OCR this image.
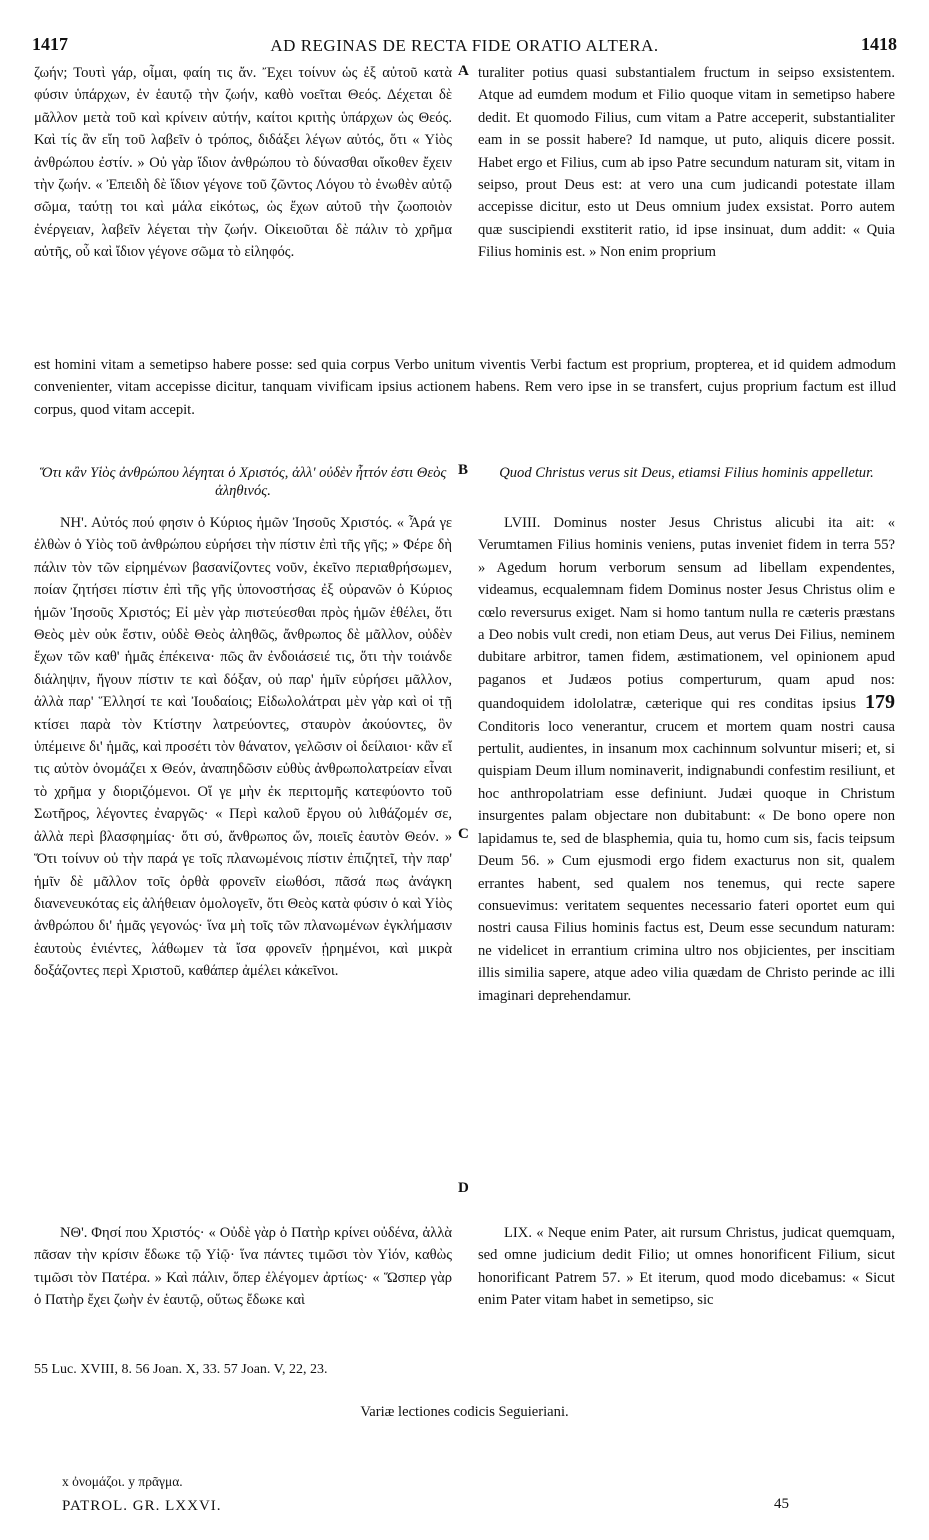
1417	AD REGINAS DE RECTA FIDE ORATIO ALTERA.	1418

ζωήν; Τουτὶ γάρ, οἶμαι, φαίη τις ἄν. Ἔχει τοίνυν ὡς ἐξ αὐτοῦ κατὰ φύσιν ὑπάρχων, ἐν ἑαυτῷ τὴν ζωήν, καθὸ νοεῖται Θεός. Δέχεται δὲ μᾶλλον μετὰ τοῦ καὶ κρίνειν αὐτήν, καίτοι κριτὴς ὑπάρχων ὡς Θεός. Καὶ τίς ἂν εἴη τοῦ λαβεῖν ὁ τρόπος, διδάξει λέγων αὐτός, ὅτι « Υἱὸς ἀνθρώπου ἐστίν. » Οὐ γὰρ ἴδιον ἀνθρώπου τὸ δύνασθαι οἴκοθεν ἔχειν τὴν ζωήν. « Ἐπειδὴ δὲ ἴδιον γέγονε τοῦ ζῶντος Λόγου τὸ ἑνωθὲν αὐτῷ σῶμα, ταύτῃ τοι καὶ μάλα εἰκότως, ὡς ἔχων αὐτοῦ τὴν ζωοποιὸν ἐνέργειαν, λαβεῖν λέγεται τὴν ζωήν. Οἰκειοῦται δὲ πάλιν τὸ χρῆμα αὐτῆς, οὗ καὶ ἴδιον γέγονε σῶμα τὸ εἰληφός.

A turaliter potius quasi substantialem fructum in seipso exsistentem. Atque ad eumdem modum et Filio quoque vitam in semetipso habere dedit. Et quomodo Filius, cum vitam a Patre acceperit, substantialiter eam in se possit habere? Id namque, ut puto, aliquis dicere possit. Habet ergo et Filius, cum ab ipso Patre secundum naturam sit, vitam in seipso, prout Deus est: at vero una cum judicandi potestate illam accepisse dicitur, esto ut Deus omnium judex exsistat. Porro autem quæ suscipiendi exstiterit ratio, id ipse insinuat, dum addit: « Quia Filius hominis est. » Non enim proprium

est homini vitam a semetipso habere posse: sed quia corpus Verbo unitum viventis Verbi factum est proprium, propterea, et id quidem admodum convenienter, vitam accepisse dicitur, tanquam vivificam ipsius actionem habens. Rem vero ipse in se transfert, cujus proprium factum est illud corpus, quod vitam accepit.

Ὅτι κἂν Υἱὸς ἀνθρώπου λέγηται ὁ Χριστός, ἀλλ' οὐδὲν ἧττόν ἐστι Θεὸς ἀληθινός.
B	Quod Christus verus sit Deus, etiamsi Filius hominis appelletur.

ΝΗ'. Αὐτός πού φησιν ὁ Κύριος ἡμῶν Ἰησοῦς Χριστός. « Ἆρά γε ἐλθὼν ὁ Υἱὸς τοῦ ἀνθρώπου εὑρήσει τὴν πίστιν ἐπὶ τῆς γῆς; » Φέρε δὴ πάλιν τὸν τῶν εἰρημένων βασανίζοντες νοῦν, ἐκεῖνο περιαθρήσωμεν, ποίαν ζητήσει πίστιν ἐπὶ τῆς γῆς ὑπονοστήσας ἐξ οὐρανῶν ὁ Κύριος ἡμῶν Ἰησοῦς Χριστός; Εἰ μὲν γὰρ πιστεύεσθαι πρὸς ἡμῶν ἐθέλει, ὅτι Θεὸς μὲν οὐκ ἔστιν, οὐδὲ Θεὸς ἀληθῶς, ἄνθρωπος δὲ μᾶλλον, οὐδὲν ἔχων τῶν καθ' ἡμᾶς ἐπέκεινα· πῶς ἂν ἐνδοιάσειέ τις, ὅτι τὴν τοιάνδε διάληψιν, ἤγουν πίστιν τε καὶ δόξαν, οὐ παρ' ἡμῖν εὑρήσει μᾶλλον, ἀλλὰ παρ' Ἕλλησί τε καὶ Ἰουδαίοις; Εἰδωλολάτραι μὲν γὰρ καὶ οἱ τῇ κτίσει παρὰ τὸν Κτίστην λατρεύοντες, σταυρὸν ἀκούοντες, ὃν ὑπέμεινε δι' ἡμᾶς, καὶ προσέτι τὸν θάνατον, γελῶσιν οἱ δείλαιοι· κἂν εἴ τις αὐτὸν ὀνομάζει x Θεόν, ἀναπηδῶσιν εὐθὺς ἀνθρωπολατρείαν εἶναι τὸ χρῆμα y διοριζόμενοι. Οἵ γε μὴν ἐκ περιτομῆς κατεφύοντο τοῦ Σωτῆρος, λέγοντες ἐναργῶς· « Περὶ καλοῦ ἔργου οὐ λιθάζομέν σε, ἀλλὰ περὶ βλασφημίας· ὅτι σύ, ἄνθρωπος ὤν, ποιεῖς ἑαυτὸν Θεόν. » Ὅτι τοίνυν οὐ τὴν παρά γε τοῖς πλανωμένοις πίστιν ἐπιζητεῖ, τὴν παρ' ἡμῖν δὲ μᾶλλον τοῖς ὀρθὰ φρονεῖν εἰωθόσι, πᾶσά πως ἀνάγκη διανενευκότας εἰς ἀλήθειαν ὁμολογεῖν, ὅτι Θεὸς κατὰ φύσιν ὁ καὶ Υἱὸς ἀνθρώπου δι' ἡμᾶς γεγονώς· ἵνα μὴ τοῖς τῶν πλανωμένων ἐγκλήμασιν ἑαυτοὺς ἐνιέντες, λάθωμεν τὰ ἴσα φρονεῖν ᾑρημένοι, καὶ μικρὰ δοξάζοντες περὶ Χριστοῦ, καθάπερ ἀμέλει κἀκεῖνοι.

C
D

LVIII. Dominus noster Jesus Christus alicubi ita ait: « Verumtamen Filius hominis veniens, putas inveniet fidem in terra 55? » Agedum horum verborum sensum ad libellam expendentes, videamus, ecqualemnam fidem Dominus noster Jesus Christus olim e cœlo reversurus exiget. Nam si homo tantum nulla re cæteris præstans a Deo nobis vult credi, non etiam Deus, aut verus Dei Filius, neminem dubitare arbitror, tamen fidem, æstimationem, vel opinionem apud paganos et Judæos potius comperturum, quam apud nos: quandoquidem idololatræ, cæterique qui res conditas ipsius 179 Conditoris loco venerantur, crucem et mortem quam nostri causa pertulit, audientes, in insanum mox cachinnum solvuntur miseri; et, si quispiam Deum illum nominaverit, indignabundi confestim resiliunt, et hoc anthropolatriam esse definiunt. Judæi quoque in Christum insurgentes palam objectare non dubitabunt: « De bono opere non lapidamus te, sed de blasphemia, quia tu, homo cum sis, facis teipsum Deum 56. » Cum ejusmodi ergo fidem exacturus non sit, qualem errantes habent, sed qualem nos tenemus, qui recte sapere consuevimus: veritatem sequentes necessario fateri oportet eum qui nostri causa Filius hominis factus est, Deum esse secundum naturam: ne videlicet in errantium crimina ultro nos objicientes, per inscitiam illis similia sapere, atque adeo vilia quædam de Christo perinde ac illi imaginari deprehendamur.

ΝΘ'. Φησί που Χριστός· « Οὐδὲ γὰρ ὁ Πατὴρ κρίνει οὐδένα, ἀλλὰ πᾶσαν τὴν κρίσιν ἔδωκε τῷ Υἱῷ· ἵνα πάντες τιμῶσι τὸν Υἱόν, καθὼς τιμῶσι τὸν Πατέρα. » Καὶ πάλιν, ὅπερ ἐλέγομεν ἀρτίως· « Ὥσπερ γὰρ ὁ Πατὴρ ἔχει ζωὴν ἐν ἑαυτῷ, οὕτως ἔδωκε καὶ

LIX. « Neque enim Pater, ait rursum Christus, judicat quemquam, sed omne judicium dedit Filio; ut omnes honorificent Filium, sicut honorificant Patrem 57. » Et iterum, quod modo dicebamus: « Sicut enim Pater vitam habet in semetipso, sic

55 Luc. XVIII, 8. 56 Joan. X, 33. 57 Joan. V, 22, 23.
Variæ lectiones codicis Seguieriani.
x ὀνομάζοι. y πρᾶγμα.
PATROL. GR. LXXVI.	45
